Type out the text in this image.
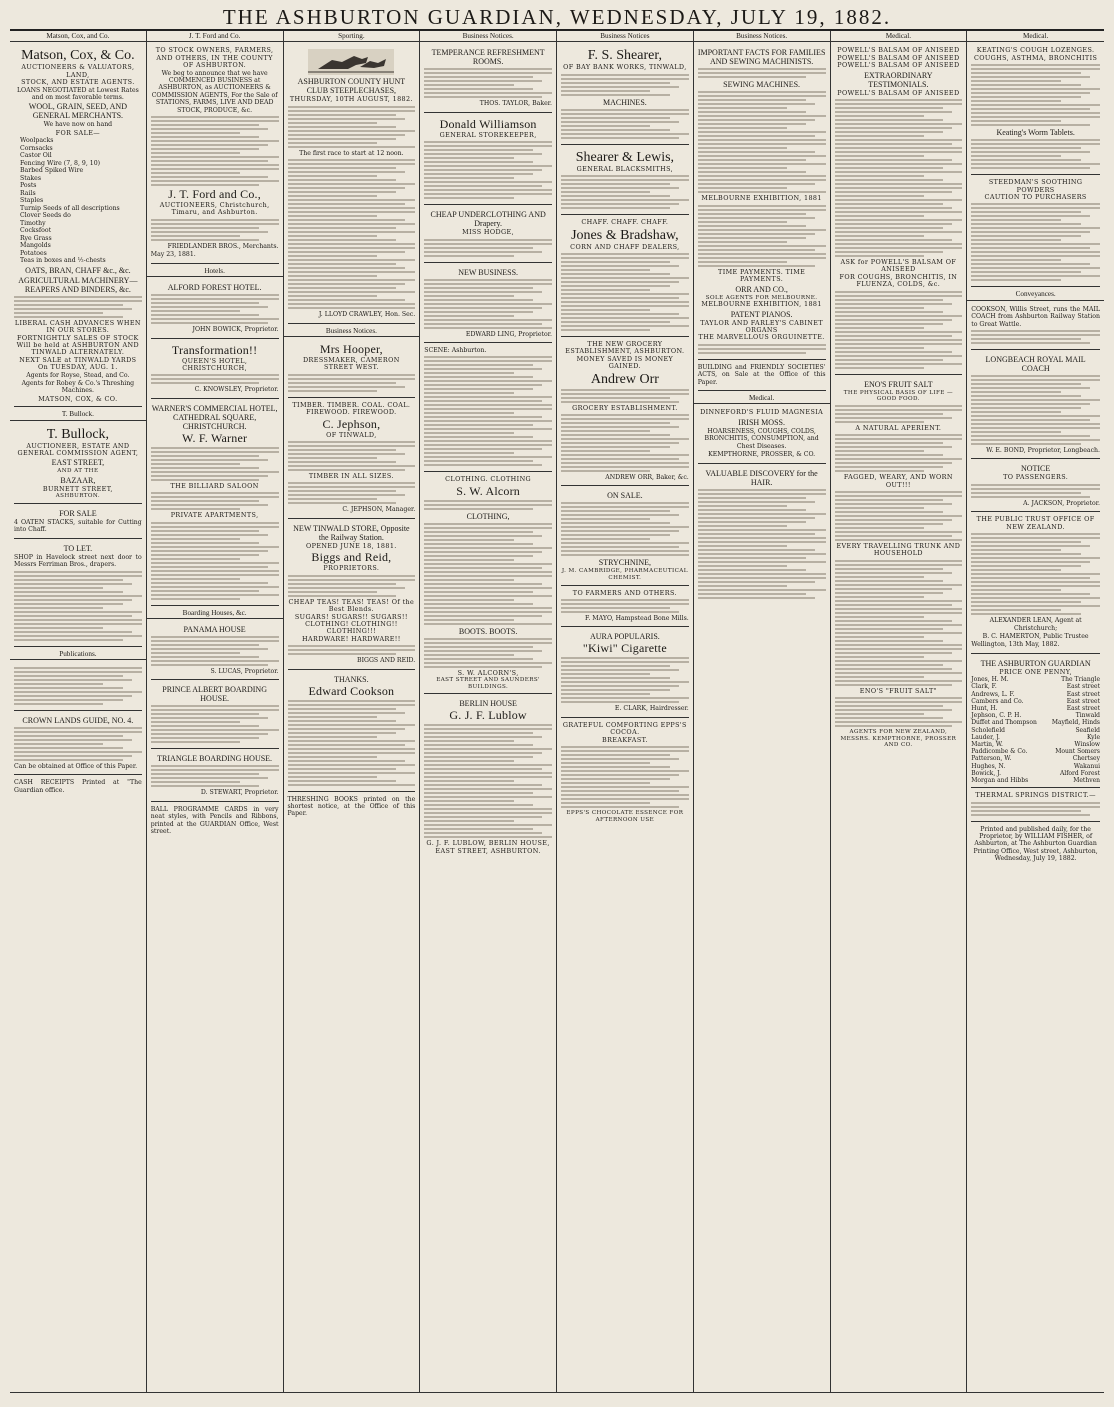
THE ASHBURTON GUARDIAN, WEDNESDAY, JULY 19, 1882.
Matson, Cox, and Co.
Matson, Cox, & Co.
AUCTIONEERS & VALUATORS,
LAND,
STOCK, AND ESTATE AGENTS.

LOANS NEGOTIATED at Lowest Rates and on most favorable terms.

WOOL, GRAIN, SEED, AND GENERAL MERCHANTS.

We have now on hand

FOR SALE—
Woolpacks
Cornsacks
Castor Oil
Fencing Wire (7, 8, 9, 10)
Barbed Spiked Wire
Stakes
Posts
Rails
Staples
Turnip Seeds of all descriptions
Clover Seeds do
Timothy
Cocksfoot
Rye Grass
Mangolds
Potatoes
Teas in boxes and ½-chests
OATS, BRAN, CHAFF &c., &c.
AGRICULTURAL MACHINERY— REAPERS AND BINDERS, &c.
LIBERAL CASH ADVANCES WHEN IN OUR STORES.
FORTNIGHTLY SALES OF STOCK Will be held at ASHBURTON AND TINWALD ALTERNATELY.
NEXT SALE at TINWALD YARDS On TUESDAY, AUG. 1.

Agents for Royse, Stead, and Co.

Agents for Robey & Co.'s Threshing Machines.

MATSON, COX, & CO.
T. Bullock.
T. Bullock,
AUCTIONEER, ESTATE AND GENERAL COMMISSION AGENT,
EAST STREET,
AND AT THE
BAZAAR,
BURNETT STREET,
ASHBURTON.
FOR SALE

4 OATEN STACKS, suitable for Cutting into Chaff.

TO LET.

SHOP in Havelock street next door to Messrs Ferriman Bros., drapers.

Publications.
CROWN LANDS GUIDE, NO. 4.

Can be obtained at Office of this Paper.

CASH RECEIPTS Printed at "The Guardian office.

J. T. Ford and Co.
TO STOCK OWNERS, FARMERS, AND OTHERS, IN THE COUNTY OF ASHBURTON.

We beg to announce that we have COMMENCED BUSINESS at ASHBURTON, as AUCTIONEERS & COMMISSION AGENTS, For the Sale of STATIONS, FARMS, LIVE AND DEAD STOCK, PRODUCE, &c.

J. T. Ford and Co.,
AUCTIONEERS, Christchurch, Timaru, and Ashburton.

FRIEDLANDER BROS., Merchants.

May 23, 1881.

Hotels.
ALFORD FOREST HOTEL.

JOHN BOWICK, Proprietor.

Transformation!!
QUEEN'S HOTEL, CHRISTCHURCH,

C. KNOWSLEY, Proprietor.

WARNER'S COMMERCIAL HOTEL, CATHEDRAL SQUARE, CHRISTCHURCH.
W. F. Warner
THE BILLIARD SALOON
PRIVATE APARTMENTS,
Boarding Houses, &c.
PANAMA HOUSE

S. LUCAS, Proprietor.

PRINCE ALBERT BOARDING HOUSE.
TRIANGLE BOARDING HOUSE.

D. STEWART, Proprietor.

BALL PROGRAMME CARDS in very neat styles, with Pencils and Ribbons, printed at the GUARDIAN Office, West street.

Sporting.
ASHBURTON COUNTY HUNT CLUB STEEPLECHASES,
THURSDAY, 10TH AUGUST, 1882.

The first race to start at 12 noon.

J. LLOYD CRAWLEY, Hon. Sec.

Business Notices.
Mrs Hooper,
DRESSMAKER, CAMERON STREET WEST.
TIMBER. TIMBER. COAL. COAL. FIREWOOD. FIREWOOD.
C. Jephson,
OF TINWALD,
TIMBER IN ALL SIZES.

C. JEPHSON, Manager.

NEW TINWALD STORE, Opposite the Railway Station.
OPENED JUNE 18, 1881.
Biggs and Reid,
PROPRIETORS.
CHEAP TEAS! TEAS! TEAS! Of the Best Blends.
SUGARS! SUGARS!! SUGARS!!
CLOTHING! CLOTHING!! CLOTHING!!!
HARDWARE! HARDWARE!!

BIGGS AND REID.

THANKS.
Edward Cookson

THRESHING BOOKS printed on the shortest notice, at the Office of this Paper.

Business Notices.
TEMPERANCE REFRESHMENT ROOMS.

THOS. TAYLOR, Baker.

Donald Williamson
GENERAL STOREKEEPER,
CHEAP UNDERCLOTHING AND Drapery.
MISS HODGE,
NEW BUSINESS.

EDWARD LING, Proprietor.

SCENE: Ashburton.

CLOTHING. CLOTHING
S. W. Alcorn
CLOTHING,
BOOTS. BOOTS.
S. W. ALCORN'S,
EAST STREET AND SAUNDERS' BUILDINGS.
BERLIN HOUSE
G. J. F. Lublow
G. J. F. LUBLOW, BERLIN HOUSE, EAST STREET, ASHBURTON.
Business Notices
F. S. Shearer,
OF BAY BANK WORKS, TINWALD,
MACHINES.
Shearer & Lewis,
GENERAL BLACKSMITHS,
CHAFF. CHAFF. CHAFF.
Jones & Bradshaw,
CORN AND CHAFF DEALERS,
THE NEW GROCERY ESTABLISHMENT, ASHBURTON.
MONEY SAVED IS MONEY GAINED.
Andrew Orr
GROCERY ESTABLISHMENT.

ANDREW ORR, Baker, &c.

ON SALE.
STRYCHNINE,
J. M. CAMBRIDGE, PHARMACEUTICAL CHEMIST.
TO FARMERS AND OTHERS.

F. MAYO, Hampstead Bone Mills.

AURA POPULARIS.
"Kiwi" Cigarette

E. CLARK, Hairdresser.

GRATEFUL COMFORTING EPPS'S COCOA.
BREAKFAST.
EPPS'S CHOCOLATE ESSENCE FOR AFTERNOON USE
Business Notices.
IMPORTANT FACTS FOR FAMILIES AND SEWING MACHINISTS.
SEWING MACHINES.
MELBOURNE EXHIBITION, 1881
TIME PAYMENTS. TIME PAYMENTS.
ORR AND CO.,
SOLE AGENTS FOR MELBOURNE.
MELBOURNE EXHIBITION, 1881
PATENT PIANOS.
TAYLOR AND FARLEY'S CABINET ORGANS
THE MARVELLOUS ORGUINETTE.

BUILDING and FRIENDLY SOCIETIES' ACTS, on Sale at the Office of this Paper.

Medical.
DINNEFORD'S FLUID MAGNESIA
IRISH MOSS.

HOARSENESS, COUGHS, COLDS, BRONCHITIS, CONSUMPTION, and Chest Diseases.

KEMPTHORNE, PROSSER, & CO.

VALUABLE DISCOVERY for the HAIR.
Medical.
POWELL'S BALSAM OF ANISEED
POWELL'S BALSAM OF ANISEED
POWELL'S BALSAM OF ANISEED
EXTRAORDINARY TESTIMONIALS.
POWELL'S BALSAM OF ANISEED
ASK for POWELL'S BALSAM OF ANISEED
FOR COUGHS, BRONCHITIS, IN FLUENZA, COLDS, &c.
ENO'S FRUIT SALT
THE PHYSICAL BASIS OF LIFE — GOOD FOOD.
A NATURAL APERIENT.
FAGGED, WEARY, AND WORN OUT!!!
EVERY TRAVELLING TRUNK AND HOUSEHOLD
ENO'S "FRUIT SALT"
AGENTS FOR NEW ZEALAND, MESSRS. KEMPTHORNE, PROSSER AND CO.
Medical.
KEATING'S COUGH LOZENGES.
COUGHS, ASTHMA, BRONCHITIS
Keating's Worm Tablets.
STEEDMAN'S SOOTHING POWDERS
CAUTION TO PURCHASERS
Conveyances.

COOKSON, Willis Street, runs the MAIL COACH from Ashburton Railway Station to Great Wattle.

LONGBEACH ROYAL MAIL COACH

W. E. BOND, Proprietor, Longbeach.

NOTICE
TO PASSENGERS.

A. JACKSON, Proprietor.

THE PUBLIC TRUST OFFICE OF NEW ZEALAND.

ALEXANDER LEAN, Agent at Christchurch;

B. C. HAMERTON, Public Trustee

Wellington, 13th May, 1882.

THE ASHBURTON GUARDIAN
PRICE ONE PENNY,
Jones, H. M.	The Triangle
Clark, F.	East street
Andrews, L. F.	East street
Cambers and Co.	East street
Hunt, H.	East street
Jephson, C. P. H.	Tinwald
Duffet and Thompson	Mayfield, Hinds
Scholefield	Seafield
Lauder, J.	Kyle
Martin, W.	Winslow
Paddicombe & Co.	Mount Somers
Patterson, W.	Chertsey
Hughes, N.	Wakanui
Bowick, J.	Alford Forest
Morgan and Hibbs	Methven
THERMAL SPRINGS DISTRICT.—

Printed and published daily, for the Proprietor, by WILLIAM FISHER, of Ashburton, at The Ashburton Guardian Printing Office, West street, Ashburton, Wednesday, July 19, 1882.
